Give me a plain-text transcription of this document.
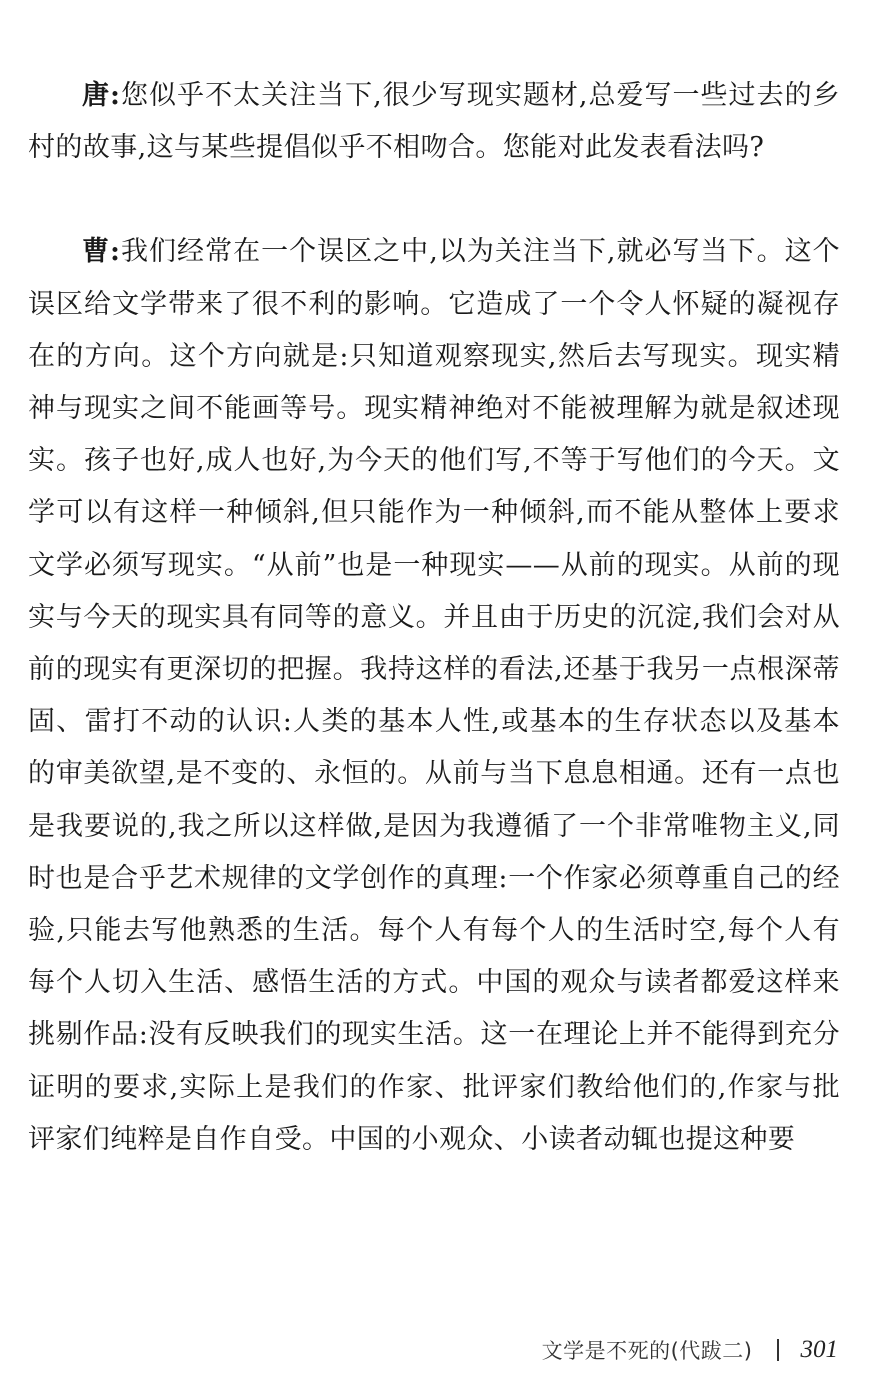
唐:您似乎不太关注当下,很少写现实题材,总爱写一些过去的乡村的故事,这与某些提倡似乎不相吻合。您能对此发表看法吗?

曹:我们经常在一个误区之中,以为关注当下,就必写当下。这个误区给文学带来了很不利的影响。它造成了一个令人怀疑的凝视存在的方向。这个方向就是:只知道观察现实,然后去写现实。现实精神与现实之间不能画等号。现实精神绝对不能被理解为就是叙述现实。孩子也好,成人也好,为今天的他们写,不等于写他们的今天。文学可以有这样一种倾斜,但只能作为一种倾斜,而不能从整体上要求文学必须写现实。“从前”也是一种现实——从前的现实。从前的现实与今天的现实具有同等的意义。并且由于历史的沉淀,我们会对从前的现实有更深切的把握。我持这样的看法,还基于我另一点根深蒂固、雷打不动的认识:人类的基本人性,或基本的生存状态以及基本的审美欲望,是不变的、永恒的。从前与当下息息相通。还有一点也是我要说的,我之所以这样做,是因为我遵循了一个非常唯物主义,同时也是合乎艺术规律的文学创作的真理:一个作家必须尊重自己的经验,只能去写他熟悉的生活。每个人有每个人的生活时空,每个人有每个人切入生活、感悟生活的方式。中国的观众与读者都爱这样来挑剔作品:没有反映我们的现实生活。这一在理论上并不能得到充分证明的要求,实际上是我们的作家、批评家们教给他们的,作家与批评家们纯粹是自作自受。中国的小观众、小读者动辄也提这种要

文学是不死的(代跋二) 301
